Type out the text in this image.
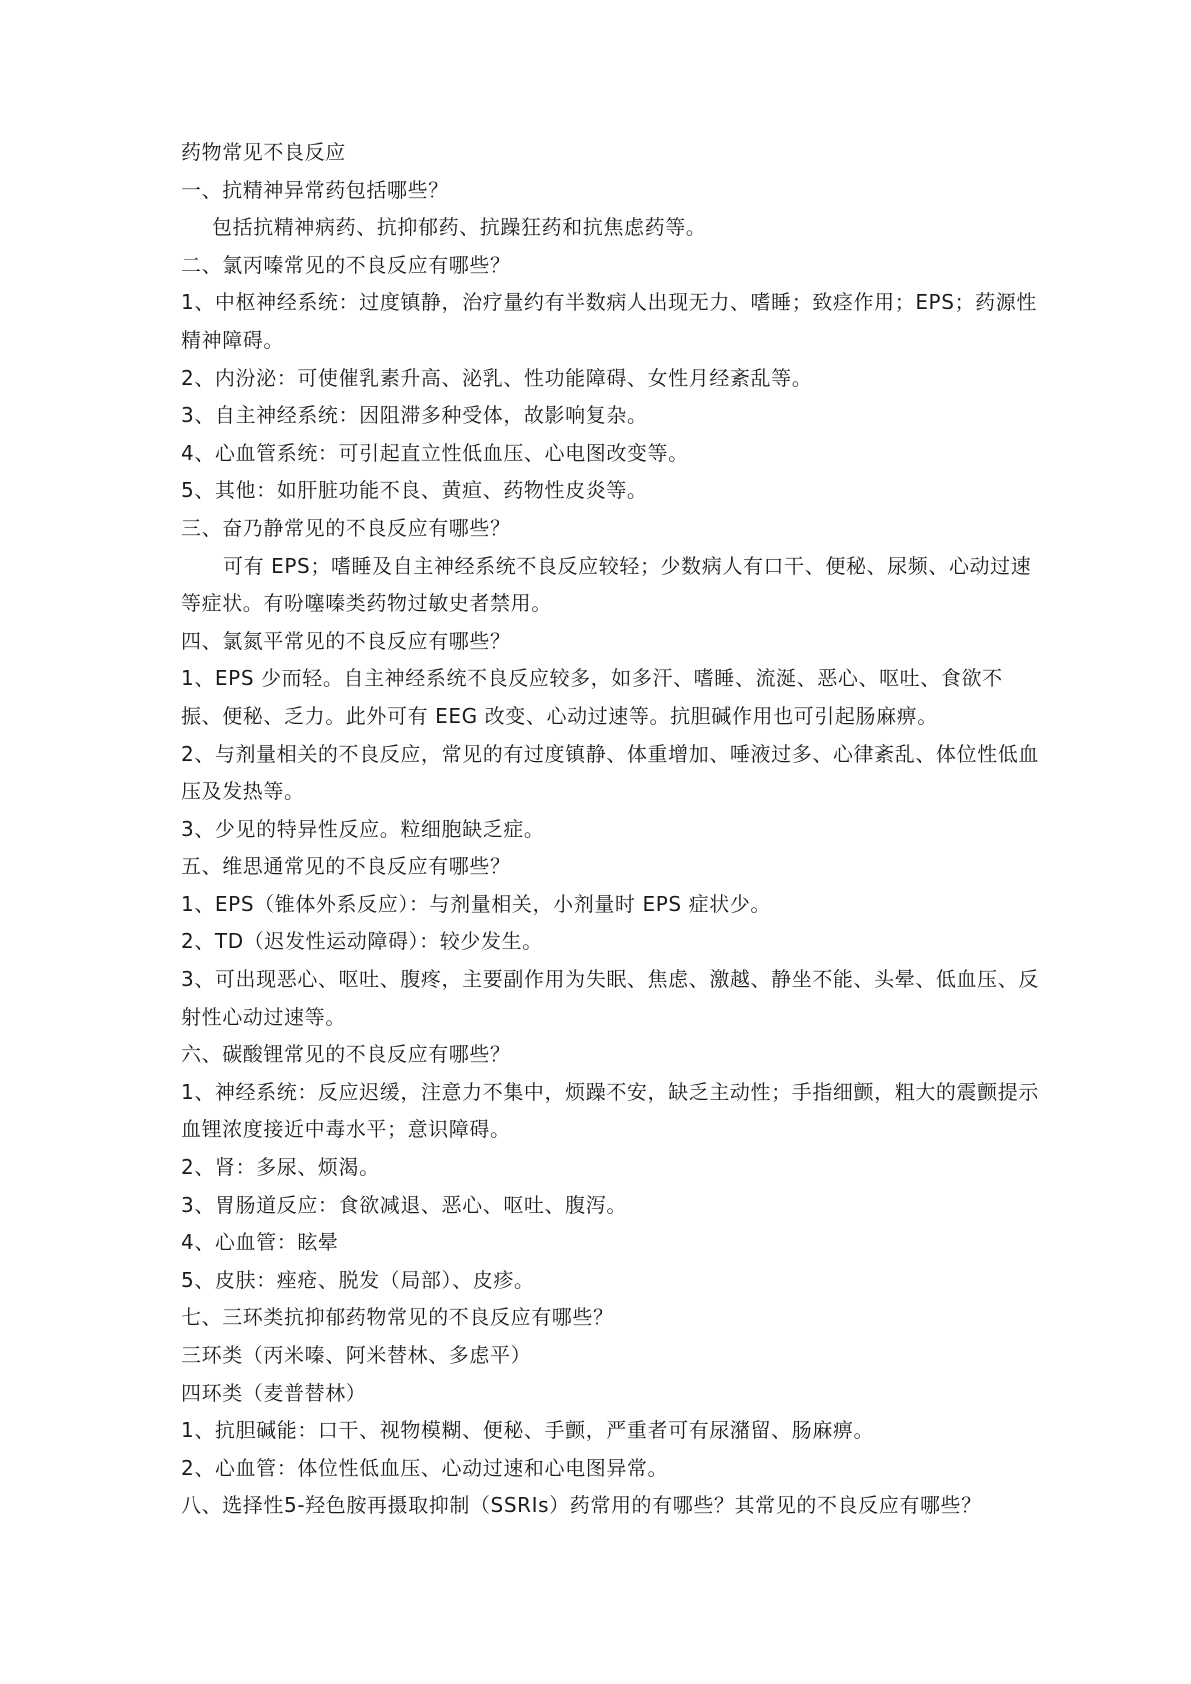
药物常见不良反应

一、抗精神异常药包括哪些？

包括抗精神病药、抗抑郁药、抗躁狂药和抗焦虑药等。

二、氯丙嗪常见的不良反应有哪些？

1、中枢神经系统：过度镇静，治疗量约有半数病人出现无力、嗜睡；致痉作用；EPS；药源性精神障碍。

2、内汾泌：可使催乳素升高、泌乳、性功能障碍、女性月经紊乱等。

3、自主神经系统：因阻滞多种受体，故影响复杂。

4、心血管系统：可引起直立性低血压、心电图改变等。

5、其他：如肝脏功能不良、黄疸、药物性皮炎等。

三、奋乃静常见的不良反应有哪些？

可有 EPS；嗜睡及自主神经系统不良反应较轻；少数病人有口干、便秘、尿频、心动过速等症状。有吩噻嗪类药物过敏史者禁用。

四、氯氮平常见的不良反应有哪些？

1、EPS 少而轻。自主神经系统不良反应较多，如多汗、嗜睡、流涎、恶心、呕吐、食欲不振、便秘、乏力。此外可有 EEG 改变、心动过速等。抗胆碱作用也可引起肠麻痹。

2、与剂量相关的不良反应，常见的有过度镇静、体重增加、唾液过多、心律紊乱、体位性低血压及发热等。

3、少见的特异性反应。粒细胞缺乏症。

五、维思通常见的不良反应有哪些？

1、EPS（锥体外系反应）：与剂量相关，小剂量时 EPS 症状少。

2、TD（迟发性运动障碍）：较少发生。

3、可出现恶心、呕吐、腹疼，主要副作用为失眠、焦虑、激越、静坐不能、头晕、低血压、反射性心动过速等。

六、碳酸锂常见的不良反应有哪些？

1、神经系统：反应迟缓，注意力不集中，烦躁不安，缺乏主动性；手指细颤，粗大的震颤提示血锂浓度接近中毒水平；意识障碍。

2、肾：多尿、烦渴。

3、胃肠道反应：食欲减退、恶心、呕吐、腹泻。

4、心血管：眩晕

5、皮肤：痤疮、脱发（局部）、皮疹。

七、三环类抗抑郁药物常见的不良反应有哪些？

三环类（丙米嗪、阿米替林、多虑平）

四环类（麦普替林）

1、抗胆碱能：口干、视物模糊、便秘、手颤，严重者可有尿潴留、肠麻痹。

2、心血管：体位性低血压、心动过速和心电图异常。

八、选择性5-羟色胺再摄取抑制（SSRIs）药常用的有哪些？其常见的不良反应有哪些？
